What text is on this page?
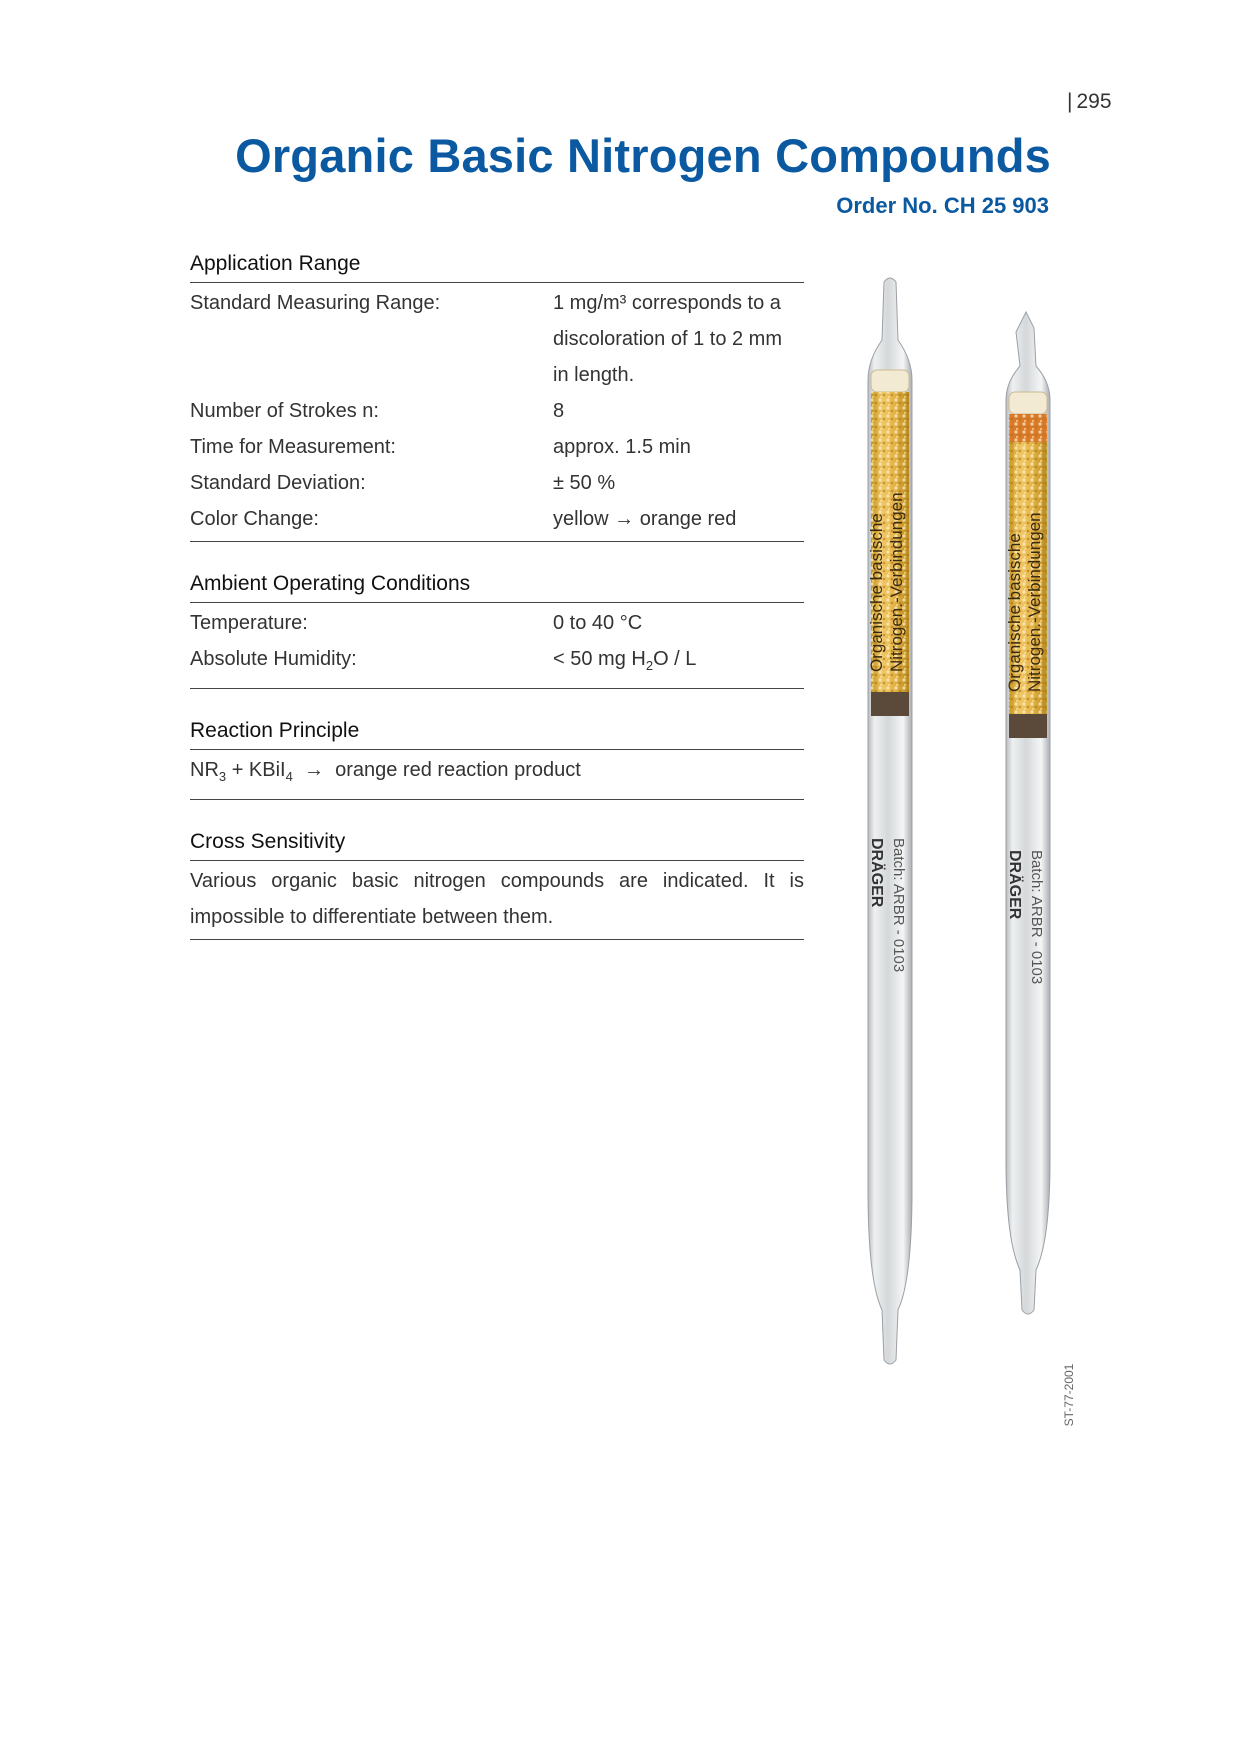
| 295
Organic Basic Nitrogen Compounds
Order No. CH 25 903
Application Range
Standard Measuring Range:	1 mg/m³ corresponds to a
discoloration of 1 to 2 mm
in length.
Number of Strokes n:	8
Time for Measurement:	approx. 1.5 min
Standard Deviation:	± 50 %
Color Change:	yellow → orange red
Ambient Operating Conditions
Temperature:	0 to 40 °C
Absolute Humidity:	< 50 mg $H_2O$ / L
Reaction Principle
$NR_3$ + KBiI$_4$ → orange red reaction product
Cross Sensitivity
Various organic basic nitrogen compounds are indicated. It is impossible to differentiate between them.
Organische basische Nitrogen.-Verbindungen
Batch: ARBR - 0103
DRÄGER
Organische basische Nitrogen.-Verbindungen
Batch: ARBR - 0103
DRÄGER
ST-77-2001
